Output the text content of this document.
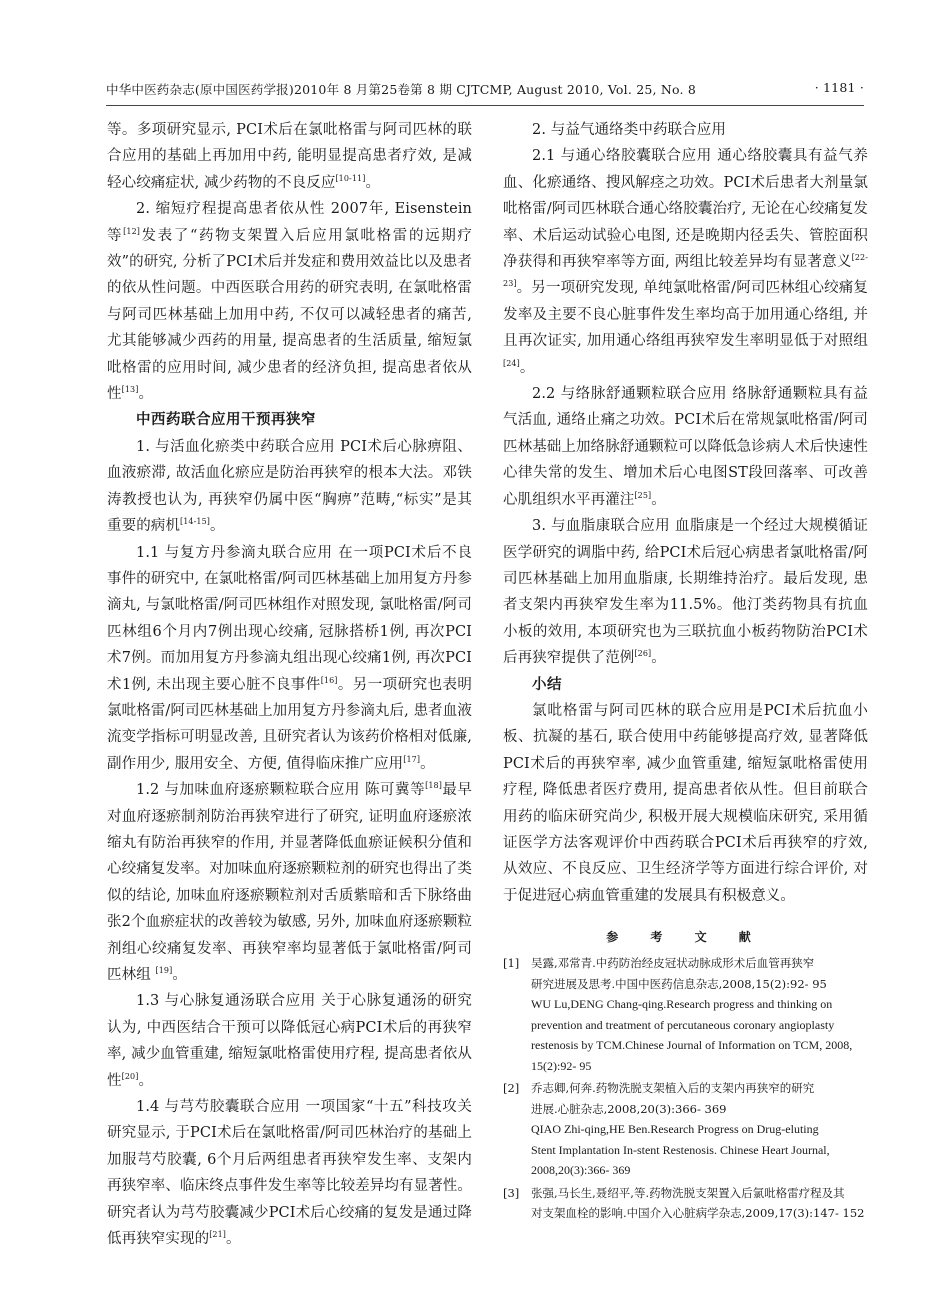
中华中医药杂志(原中国医药学报)2010年 8 月第25卷第 8 期 CJTCMP, August 2010, Vol. 25, No. 8	· 1181 ·

等。多项研究显示, PCI术后在氯吡格雷与阿司匹林的联合应用的基础上再加用中药, 能明显提高患者疗效, 是减轻心绞痛症状, 减少药物的不良反应[10-11]。

2. 缩短疗程提高患者依从性 2007年, Eisenstein等[12]发表了“药物支架置入后应用氯吡格雷的远期疗效”的研究, 分析了PCI术后并发症和费用效益比以及患者的依从性问题。中西医联合用药的研究表明, 在氯吡格雷与阿司匹林基础上加用中药, 不仅可以减轻患者的痛苦, 尤其能够减少西药的用量, 提高患者的生活质量, 缩短氯吡格雷的应用时间, 减少患者的经济负担, 提高患者依从性[13]。

中西药联合应用干预再狭窄

1. 与活血化瘀类中药联合应用 PCI术后心脉痹阻、血液瘀滞, 故活血化瘀应是防治再狭窄的根本大法。邓铁涛教授也认为, 再狭窄仍属中医“胸痹”范畴,“标实”是其重要的病机[14-15]。

1.1 与复方丹参滴丸联合应用 在一项PCI术后不良事件的研究中, 在氯吡格雷/阿司匹林基础上加用复方丹参滴丸, 与氯吡格雷/阿司匹林组作对照发现, 氯吡格雷/阿司匹林组6个月内7例出现心绞痛, 冠脉搭桥1例, 再次PCI术7例。而加用复方丹参滴丸组出现心绞痛1例, 再次PCI术1例, 未出现主要心脏不良事件[16]。另一项研究也表明氯吡格雷/阿司匹林基础上加用复方丹参滴丸后, 患者血液流变学指标可明显改善, 且研究者认为该药价格相对低廉, 副作用少, 服用安全、方便, 值得临床推广应用[17]。

1.2 与加味血府逐瘀颗粒联合应用 陈可冀等[18]最早对血府逐瘀制剂防治再狭窄进行了研究, 证明血府逐瘀浓缩丸有防治再狭窄的作用, 并显著降低血瘀证候积分值和心绞痛复发率。对加味血府逐瘀颗粒剂的研究也得出了类似的结论, 加味血府逐瘀颗粒剂对舌质紫暗和舌下脉络曲张2个血瘀症状的改善较为敏感, 另外, 加味血府逐瘀颗粒剂组心绞痛复发率、再狭窄率均显著低于氯吡格雷/阿司匹林组 [19]。

1.3 与心脉复通汤联合应用 关于心脉复通汤的研究认为, 中西医结合干预可以降低冠心病PCI术后的再狭窄率, 减少血管重建, 缩短氯吡格雷使用疗程, 提高患者依从性[20]。

1.4 与芎芍胶囊联合应用 一项国家“十五”科技攻关研究显示, 于PCI术后在氯吡格雷/阿司匹林治疗的基础上加服芎芍胶囊, 6个月后两组患者再狭窄发生率、支架内再狭窄率、临床终点事件发生率等比较差异均有显著性。研究者认为芎芍胶囊减少PCI术后心绞痛的复发是通过降低再狭窄实现的[21]。

2. 与益气通络类中药联合应用

2.1 与通心络胶囊联合应用 通心络胶囊具有益气养血、化瘀通络、搜风解痉之功效。PCI术后患者大剂量氯吡格雷/阿司匹林联合通心络胶囊治疗, 无论在心绞痛复发率、术后运动试验心电图, 还是晚期内径丢失、管腔面积净获得和再狭窄率等方面, 两组比较差异均有显著意义[22-23]。另一项研究发现, 单纯氯吡格雷/阿司匹林组心绞痛复发率及主要不良心脏事件发生率均高于加用通心络组, 并且再次证实, 加用通心络组再狭窄发生率明显低于对照组[24]。

2.2 与络脉舒通颗粒联合应用 络脉舒通颗粒具有益气活血, 通络止痛之功效。PCI术后在常规氯吡格雷/阿司匹林基础上加络脉舒通颗粒可以降低急诊病人术后快速性心律失常的发生、增加术后心电图ST段回落率、可改善心肌组织水平再灌注[25]。

3. 与血脂康联合应用 血脂康是一个经过大规模循证医学研究的调脂中药, 给PCI术后冠心病患者氯吡格雷/阿司匹林基础上加用血脂康, 长期维持治疗。最后发现, 患者支架内再狭窄发生率为11.5%。他汀类药物具有抗血小板的效用, 本项研究也为三联抗血小板药物防治PCI术后再狭窄提供了范例[26]。

小结

氯吡格雷与阿司匹林的联合应用是PCI术后抗血小板、抗凝的基石, 联合使用中药能够提高疗效, 显著降低PCI术后的再狭窄率, 减少血管重建, 缩短氯吡格雷使用疗程, 降低患者医疗费用, 提高患者依从性。但目前联合用药的临床研究尚少, 积极开展大规模临床研究, 采用循证医学方法客观评价中西药联合PCI术后再狭窄的疗效, 从效应、不良反应、卫生经济学等方面进行综合评价, 对于促进冠心病血管重建的发展具有积极意义。

参 考 文 献
[1] 吴露,邓常青.中药防治经皮冠状动脉成形术后血管再狭窄
研究进展及思考.中国中医药信息杂志,2008,15(2):92- 95
WU Lu,DENG Chang-qing.Research progress and thinking on
prevention and treatment of percutaneous coronary angioplasty
restenosis by TCM.Chinese Journal of Information on TCM, 2008,
15(2):92- 95
[2] 乔志卿,何奔.药物洗脱支架植入后的支架内再狭窄的研究
进展.心脏杂志,2008,20(3):366- 369
QIAO Zhi-qing,HE Ben.Research Progress on Drug-eluting
Stent Implantation In-stent Restenosis. Chinese Heart Journal,
2008,20(3):366- 369
[3] 张强,马长生,聂绍平,等.药物洗脱支架置入后氯吡格雷疗程及其
对支架血栓的影响.中国介入心脏病学杂志,2009,17(3):147- 152
